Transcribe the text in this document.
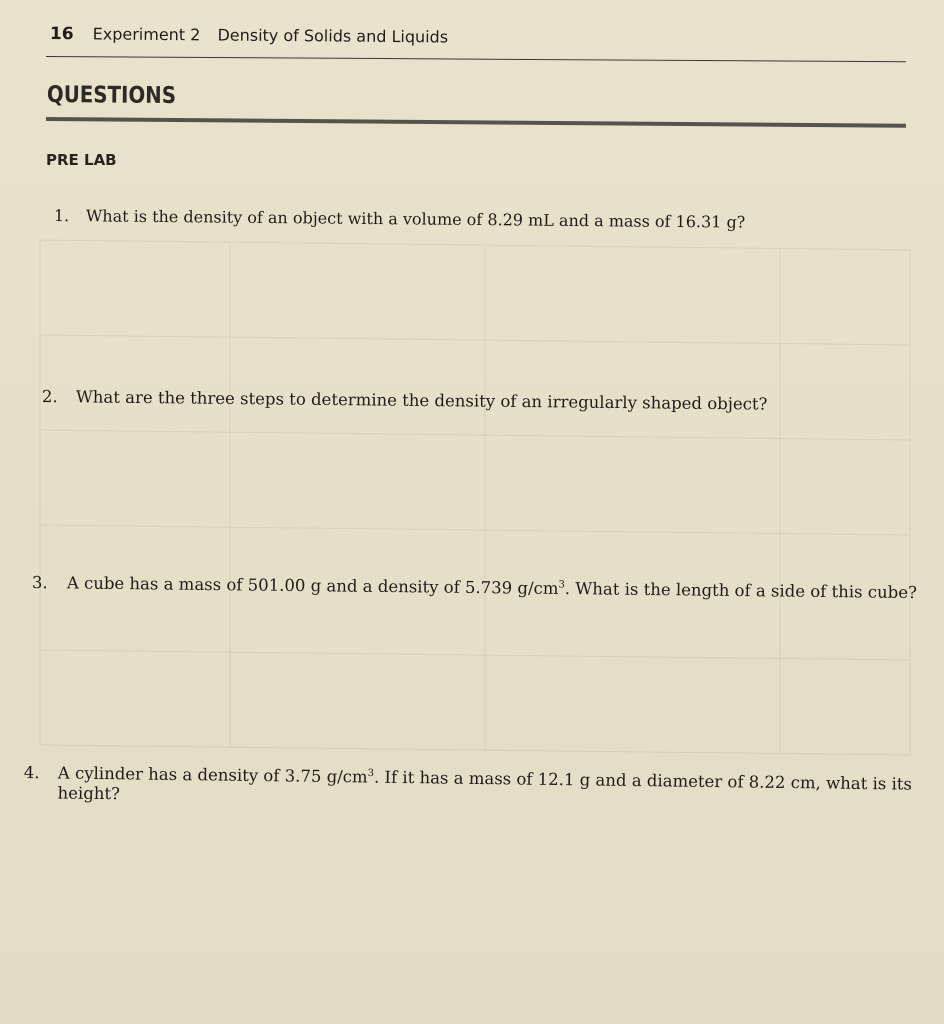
16 Experiment 2 Density of Solids and Liquids
QUESTIONS
PRE LAB
1. What is the density of an object with a volume of 8.29 mL and a mass of 16.31 g?
2. What are the three steps to determine the density of an irregularly shaped object?
3. A cube has a mass of 501.00 g and a density of 5.739 $g/cm^3$. What is the length of a side of this cube?
4. A cylinder has a density of 3.75 $g/cm^3$. If it has a mass of 12.1 g and a diameter of 8.22 cm, what is its
height?
